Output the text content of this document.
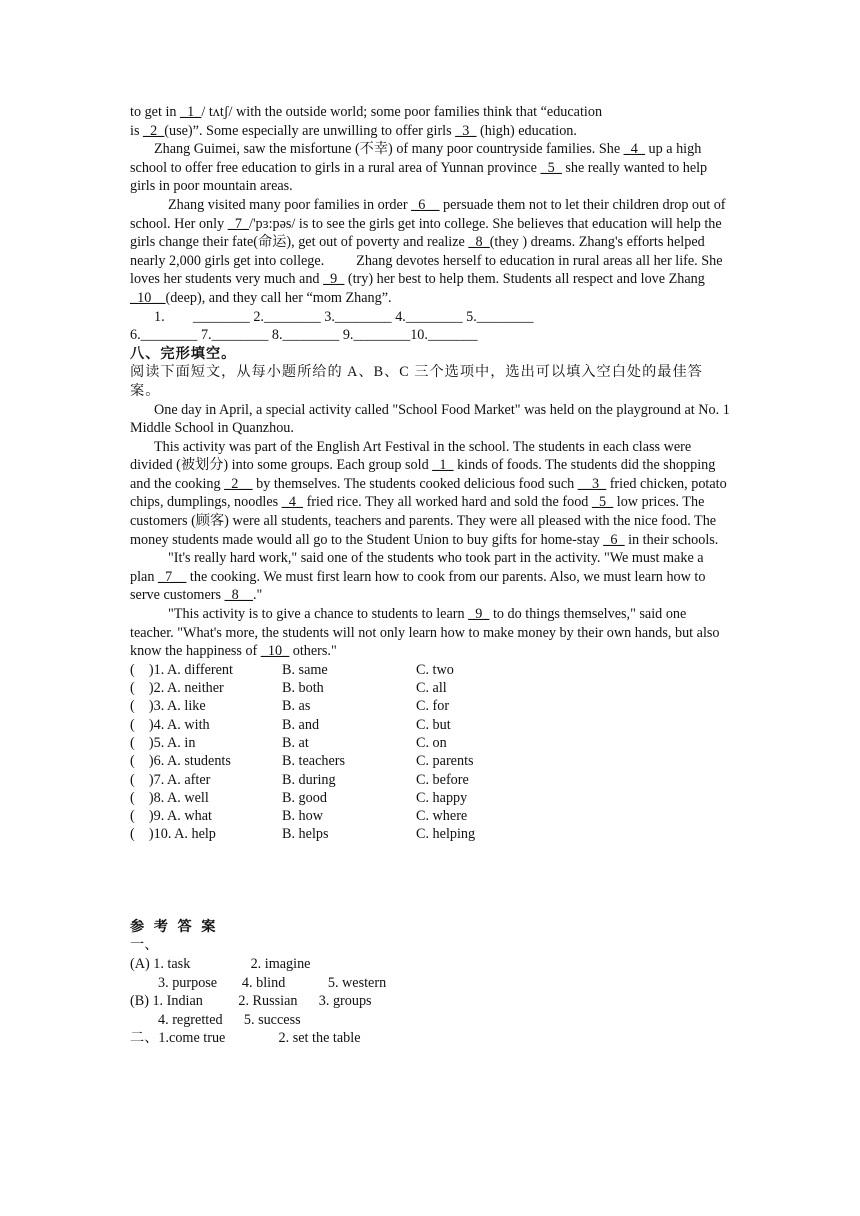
to get in _1_/ tʌtʃ/ with the outside world; some poor families think that “education
is _2_(use)”. Some especially are unwilling to offer girls _3_ (high) education.

Zhang Guimei, saw the misfortune (不幸) of many poor countryside families. She _4_ up a high school to offer free education to girls in a rural area of Yunnan province _5_ she really wanted to help girls in poor mountain areas.

Zhang visited many poor families in order _6__ persuade them not to let their children drop out of school. Her only _7_/'pɜ:pəs/ is to see the girls get into college. She believes that education will help the girls change their fate(命运), get out of poverty and realize _8_(they ) dreams. Zhang's efforts helped nearly 2,000 girls get into college.         Zhang devotes herself to education in rural areas all her life. She loves her students very much and _9_ (try) her best to help them. Students all respect and love Zhang _10__(deep), and they call her “mom Zhang”.

1.        ________ 2.________ 3.________ 4.________ 5.________

6.________ 7.________ 8.________ 9.________10._______

八、完形填空。

阅读下面短文，从每小题所给的 A、B、C 三个选项中，选出可以填入空白处的最佳答案。

One day in April, a special activity called "School Food Market" was held on the playground at No. 1 Middle School in Quanzhou.

This activity was part of the English Art Festival in the school. The students in each class were divided (被划分) into some groups. Each group sold _1_ kinds of foods. The students did the shopping and the cooking _2__ by themselves. The students cooked delicious food such __3_ fried chicken, potato chips, dumplings, noodles _4_ fried rice. They all worked hard and sold the food _5_ low prices. The customers (顾客) were all students, teachers and parents. They were all pleased with the nice food. The money students made would all go to the Student Union to buy gifts for home-stay _6_ in their schools.

"It's really hard work," said one of the students who took part in the activity. "We must make a plan _7__ the cooking. We must first learn how to cook from our parents. Also, we must learn how to serve customers _8__."

"This activity is to give a chance to students to learn _9_ to do things themselves," said one teacher. "What's more, the students will not only learn how to make money by their own hands, but also know the happiness of _10_ others."

(    )1. A. different	B. same	C. two
(    )2. A. neither	B. both	C. all
(    )3. A. like	B. as	C. for
(    )4. A. with	B. and	C. but
(    )5. A. in	B. at	C. on
(    )6. A. students	B. teachers	C. parents
(    )7. A. after	B. during	C. before
(    )8. A. well	B. good	C. happy
(    )9. A. what	B. how	C. where
(    )10. A. help	B. helps	C. helping

参 考 答 案

一、

(A) 1. task                 2. imagine

3. purpose       4. blind            5. western

(B) 1. Indian          2. Russian      3. groups

4. regretted      5. success

二、1.come true               2. set the table
